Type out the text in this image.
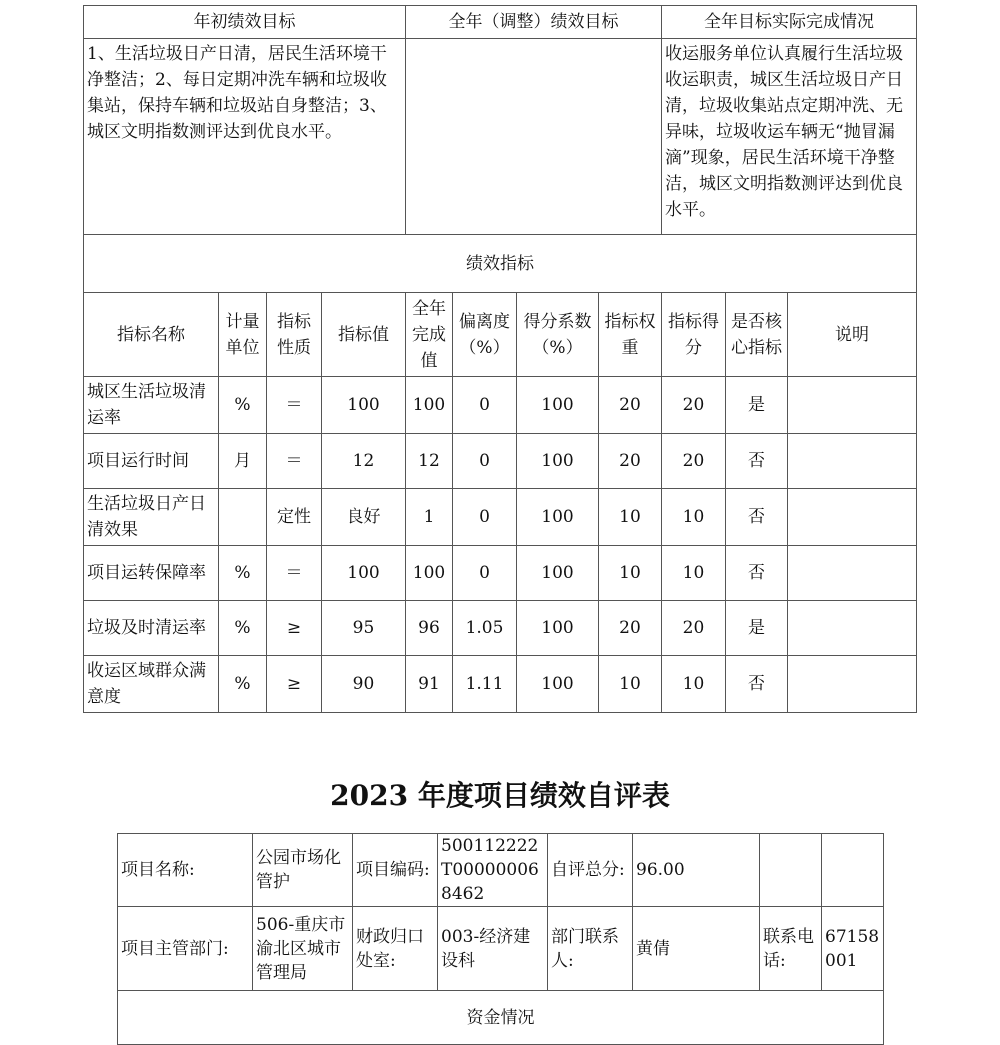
年初绩效目标				全年（调整）绩效目标				全年目标实际完成情况		
1、生活垃圾日产日清，居民生活环境干净整洁；2、每日定期冲洗车辆和垃圾收集站，保持车辆和垃圾站自身整洁；3、城区文明指数测评达到优良水平。								收运服务单位认真履行生活垃圾收运职责，城区生活垃圾日产日清，垃圾收集站点定期冲洗、无异味，垃圾收运车辆无“抛冒漏滴”现象，居民生活环境干净整洁，城区文明指数测评达到优良水平。		
绩效指标										
指标名称	计量单位	指标性质	指标值	全年完成值	偏离度（%）	得分系数（%）	指标权重	指标得分	是否核心指标	说明
城区生活垃圾清运率	%	＝	100	100	0	100	20	20	是	
项目运行时间	月	＝	12	12	0	100	20	20	否	
生活垃圾日产日清效果		定性	良好	1	0	100	10	10	否	
项目运转保障率	%	＝	100	100	0	100	10	10	否	
垃圾及时清运率	%	≥	95	96	1.05	100	20	20	是	
收运区域群众满意度	%	≥	90	91	1.11	100	10	10	否	
2023 年度项目绩效自评表
项目名称:	公园市场化管护	项目编码:	500112222T000000068462	自评总分:	96.00		
项目主管部门:	506-重庆市渝北区城市管理局	财政归口处室:	003-经济建设科	部门联系人:	黄倩	联系电话:	67158001
资金情况							
